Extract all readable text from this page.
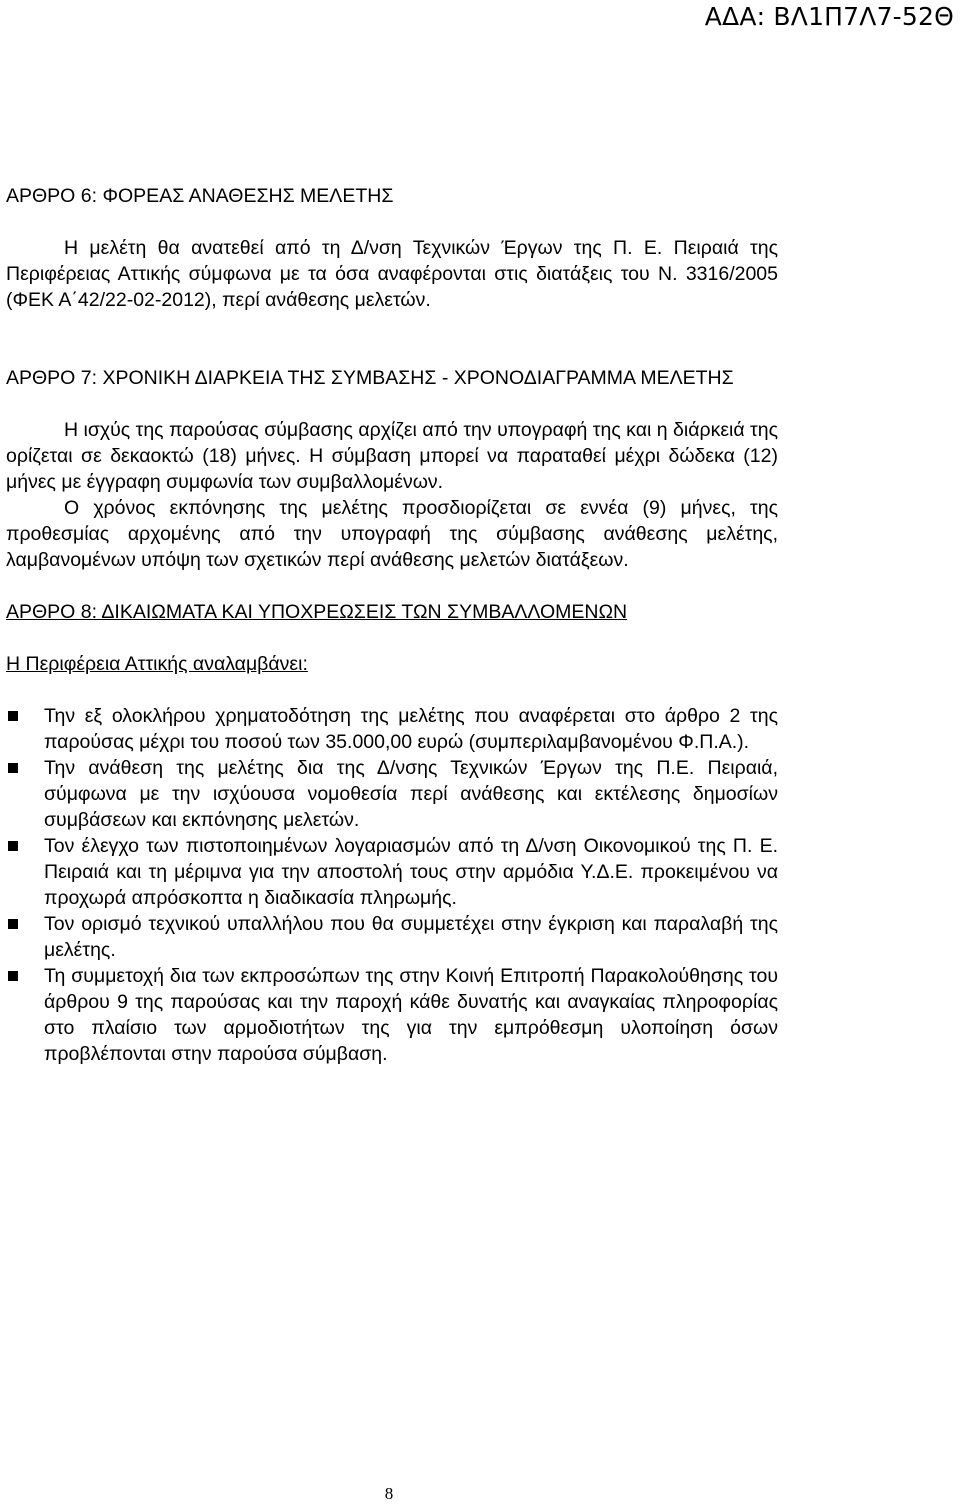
ΑΔΑ: ΒΛ1Π7Λ7-52Θ

ΑΡΘΡΟ 6: ΦΟΡΕΑΣ ΑΝΑΘΕΣΗΣ ΜΕΛΕΤΗΣ

Η μελέτη θα ανατεθεί από τη Δ/νση Τεχνικών Έργων της Π. Ε. Πειραιά της Περιφέρειας Αττικής σύμφωνα με τα όσα αναφέρονται στις διατάξεις του Ν. 3316/2005 (ΦΕΚ Α΄42/22-02-2012), περί ανάθεσης μελετών.

ΑΡΘΡΟ 7: ΧΡΟΝΙΚΗ ΔΙΑΡΚΕΙΑ ΤΗΣ ΣΥΜΒΑΣΗΣ - ΧΡΟΝΟΔΙΑΓΡΑΜΜΑ ΜΕΛΕΤΗΣ

Η ισχύς της παρούσας σύμβασης αρχίζει από την υπογραφή της και η διάρκειά της ορίζεται σε δεκαοκτώ (18) μήνες. Η σύμβαση μπορεί να παραταθεί μέχρι δώδεκα (12) μήνες με έγγραφη συμφωνία των συμβαλλομένων.

Ο χρόνος εκπόνησης της μελέτης προσδιορίζεται σε εννέα (9) μήνες, της προθεσμίας αρχομένης από την υπογραφή της σύμβασης ανάθεσης μελέτης, λαμβανομένων υπόψη των σχετικών περί ανάθεσης μελετών διατάξεων.

ΑΡΘΡΟ 8: ΔΙΚΑΙΩΜΑΤΑ ΚΑΙ ΥΠΟΧΡΕΩΣΕΙΣ ΤΩΝ ΣΥΜΒΑΛΛΟΜΕΝΩΝ

Η Περιφέρεια Αττικής αναλαμβάνει:

Την εξ ολοκλήρου χρηματοδότηση της μελέτης που αναφέρεται στο άρθρο 2 της παρούσας μέχρι του ποσού των 35.000,00 ευρώ (συμπεριλαμβανομένου Φ.Π.Α.).
Την ανάθεση της μελέτης δια της Δ/νσης Τεχνικών Έργων της Π.Ε. Πειραιά, σύμφωνα με την ισχύουσα νομοθεσία περί ανάθεσης και εκτέλεσης δημοσίων συμβάσεων και εκπόνησης μελετών.
Τον έλεγχο των πιστοποιημένων λογαριασμών από τη Δ/νση Οικονομικού της Π. Ε. Πειραιά και τη μέριμνα για την αποστολή τους στην αρμόδια Υ.Δ.Ε. προκειμένου να προχωρά απρόσκοπτα η διαδικασία πληρωμής.
Τον ορισμό τεχνικού υπαλλήλου που θα συμμετέχει στην έγκριση και παραλαβή της μελέτης.
Τη συμμετοχή δια των εκπροσώπων της στην Κοινή Επιτροπή Παρακολούθησης του άρθρου 9 της παρούσας και την παροχή κάθε δυνατής και αναγκαίας πληροφορίας στο πλαίσιο των αρμοδιοτήτων της για την εμπρόθεσμη υλοποίηση όσων προβλέπονται στην παρούσα σύμβαση.
8
